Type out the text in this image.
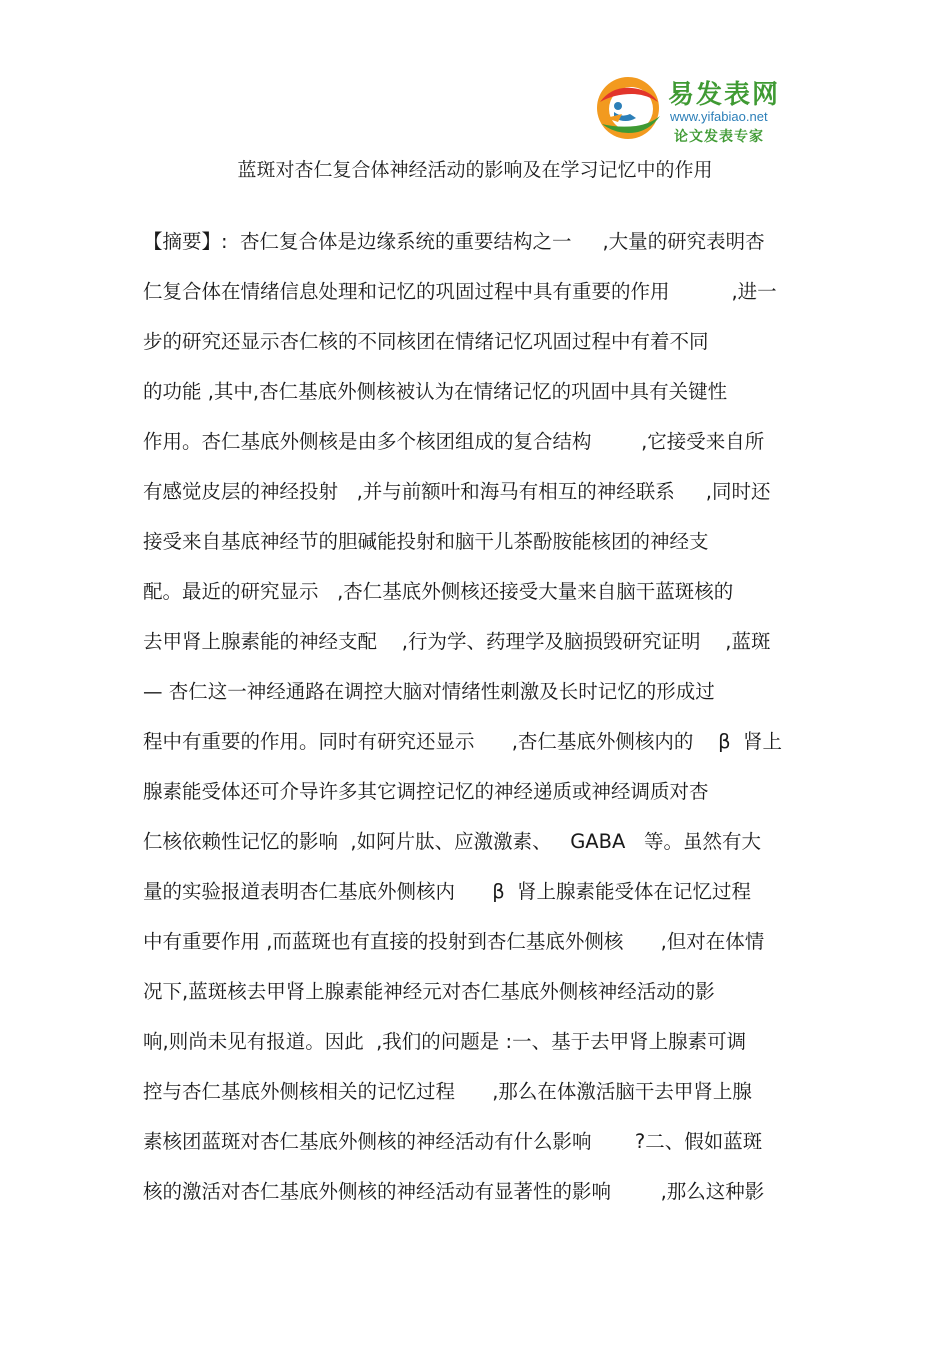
易发表网
www.yifabiao.net
论文发表专家
蓝斑对杏仁复合体神经活动的影响及在学习记忆中的作用
【摘要】:  杏仁复合体是边缘系统的重要结构之一     ,大量的研究表明杏
仁复合体在情绪信息处理和记忆的巩固过程中具有重要的作用          ,进一
步的研究还显示杏仁核的不同核团在情绪记忆巩固过程中有着不同
的功能 ,其中,杏仁基底外侧核被认为在情绪记忆的巩固中具有关键性
作用。杏仁基底外侧核是由多个核团组成的复合结构        ,它接受来自所
有感觉皮层的神经投射   ,并与前额叶和海马有相互的神经联系     ,同时还
接受来自基底神经节的胆碱能投射和脑干儿茶酚胺能核团的神经支
配。最近的研究显示   ,杏仁基底外侧核还接受大量来自脑干蓝斑核的
去甲肾上腺素能的神经支配    ,行为学、药理学及脑损毁研究证明    ,蓝斑
— 杏仁这一神经通路在调控大脑对情绪性刺激及长时记忆的形成过
程中有重要的作用。同时有研究还显示      ,杏仁基底外侧核内的    β  肾上
腺素能受体还可介导许多其它调控记忆的神经递质或神经调质对杏
仁核依赖性记忆的影响  ,如阿片肽、应激激素、   GABA   等。虽然有大
量的实验报道表明杏仁基底外侧核内      β  肾上腺素能受体在记忆过程
中有重要作用 ,而蓝斑也有直接的投射到杏仁基底外侧核      ,但对在体情
况下,蓝斑核去甲肾上腺素能神经元对杏仁基底外侧核神经活动的影
响,则尚未见有报道。因此  ,我们的问题是 :一、基于去甲肾上腺素可调
控与杏仁基底外侧核相关的记忆过程      ,那么在体激活脑干去甲肾上腺
素核团蓝斑对杏仁基底外侧核的神经活动有什么影响       ?二、假如蓝斑
核的激活对杏仁基底外侧核的神经活动有显著性的影响        ,那么这种影
